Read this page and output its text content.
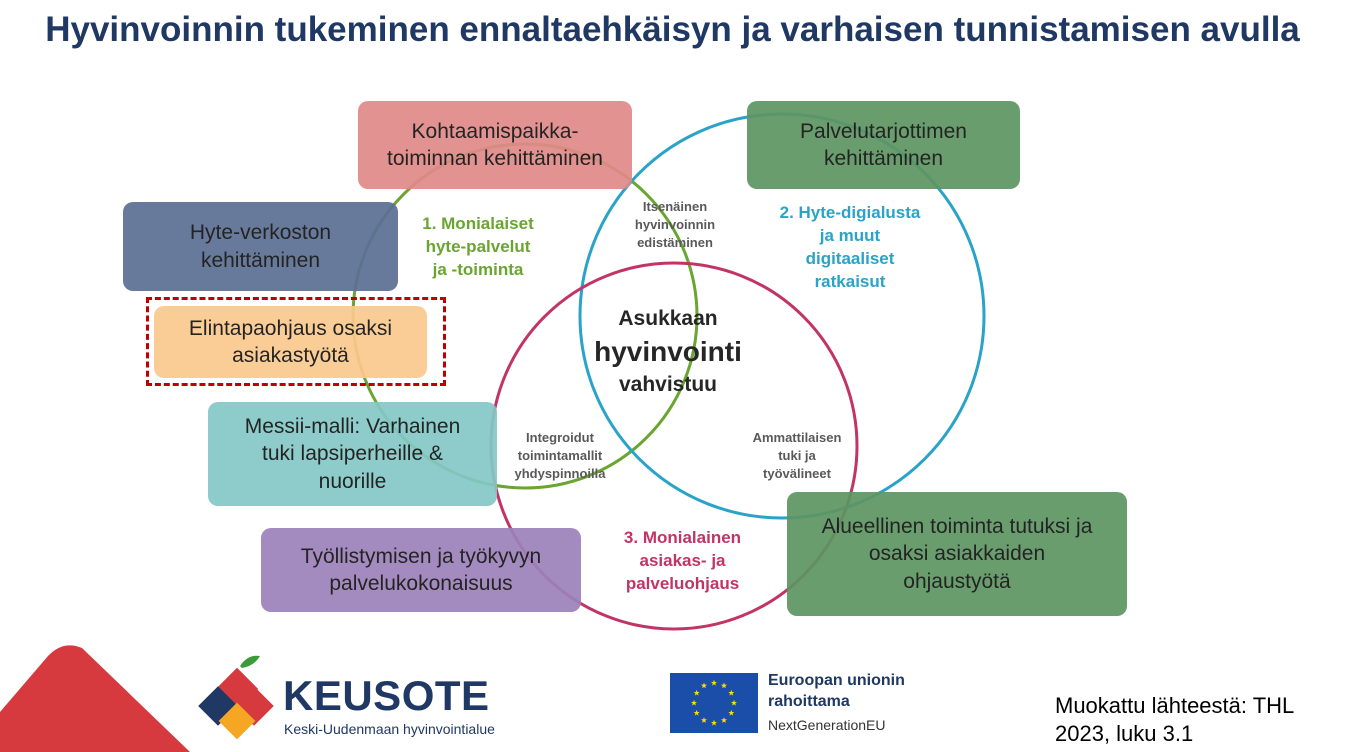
Hyvinvoinnin tukeminen ennaltaehkäisyn ja varhaisen tunnistamisen avulla
Kohtaamispaikka-
toiminnan kehittäminen
Palvelutarjottimen
kehittäminen
Hyte-verkoston
kehittäminen
Elintapaohjaus osaksi
asiakastyötä
Messii-malli: Varhainen
tuki lapsiperheille &
nuorille
Työllistymisen ja työkyvyn
palvelukokonaisuus
Alueellinen toiminta tutuksi ja
osaksi asiakkaiden
ohjaustyötä
1. Monialaiset
hyte-palvelut
ja -toiminta
2. Hyte-digialusta
ja muut
digitaaliset
ratkaisut
3. Monialainen
asiakas- ja
palveluohjaus
Itsenäinen
hyvinvoinnin
edistäminen
Integroidut
toimintamallit
yhdyspinnoilla
Ammattilaisen
tuki ja
työvälineet
Asukkaan
hyvinvointi
vahvistuu
KEUSOTE
Keski-Uudenmaan hyvinvointialue
Euroopan unionin
rahoittama
NextGenerationEU
Muokattu lähteestä: THL
2023, luku 3.1
